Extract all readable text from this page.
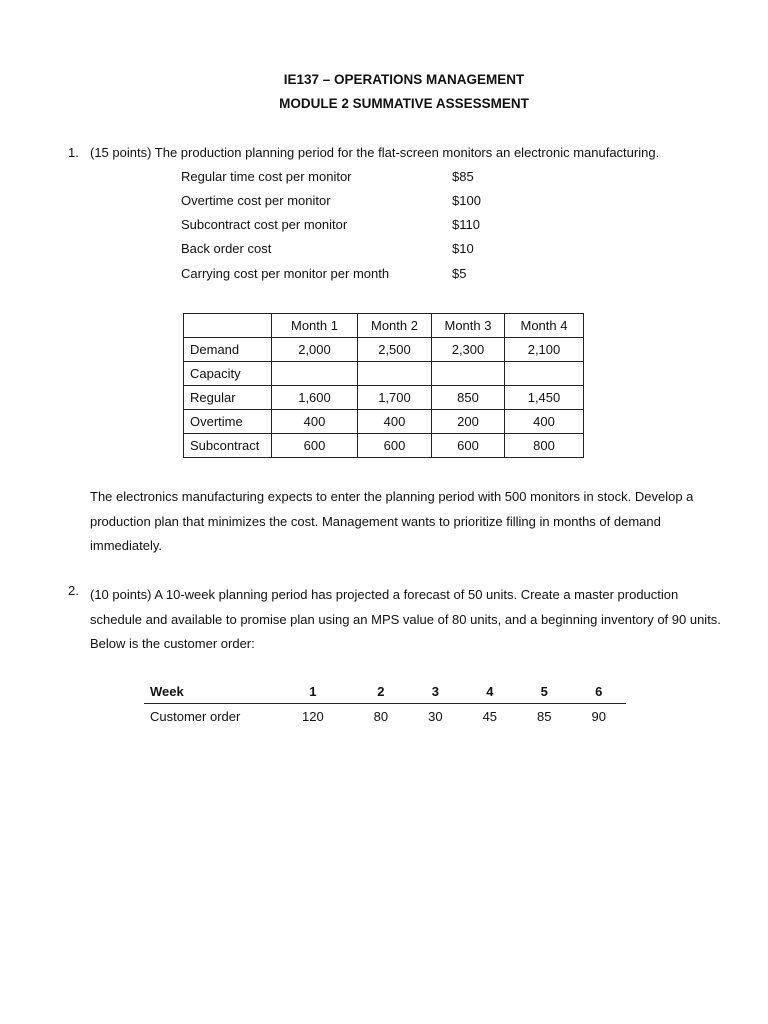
IE137 – OPERATIONS MANAGEMENT
MODULE 2 SUMMATIVE ASSESSMENT
1. (15 points) The production planning period for the flat-screen monitors an electronic manufacturing.
Regular time cost per monitor	$85
Overtime cost per monitor	$100
Subcontract cost per monitor	$110
Back order cost	$10
Carrying cost per monitor per month	$5
	Month 1	Month 2	Month 3	Month 4
Demand	2,000	2,500	2,300	2,100
Capacity				
Regular	1,600	1,700	850	1,450
Overtime	400	400	200	400
Subcontract	600	600	600	800
The electronics manufacturing expects to enter the planning period with 500 monitors in stock. Develop a production plan that minimizes the cost. Management wants to prioritize filling in months of demand immediately.
2. (10 points) A 10-week planning period has projected a forecast of 50 units. Create a master production schedule and available to promise plan using an MPS value of 80 units, and a beginning inventory of 90 units. Below is the customer order:
Week	1	2	3	4	5	6
Customer order	120	80	30	45	85	90
